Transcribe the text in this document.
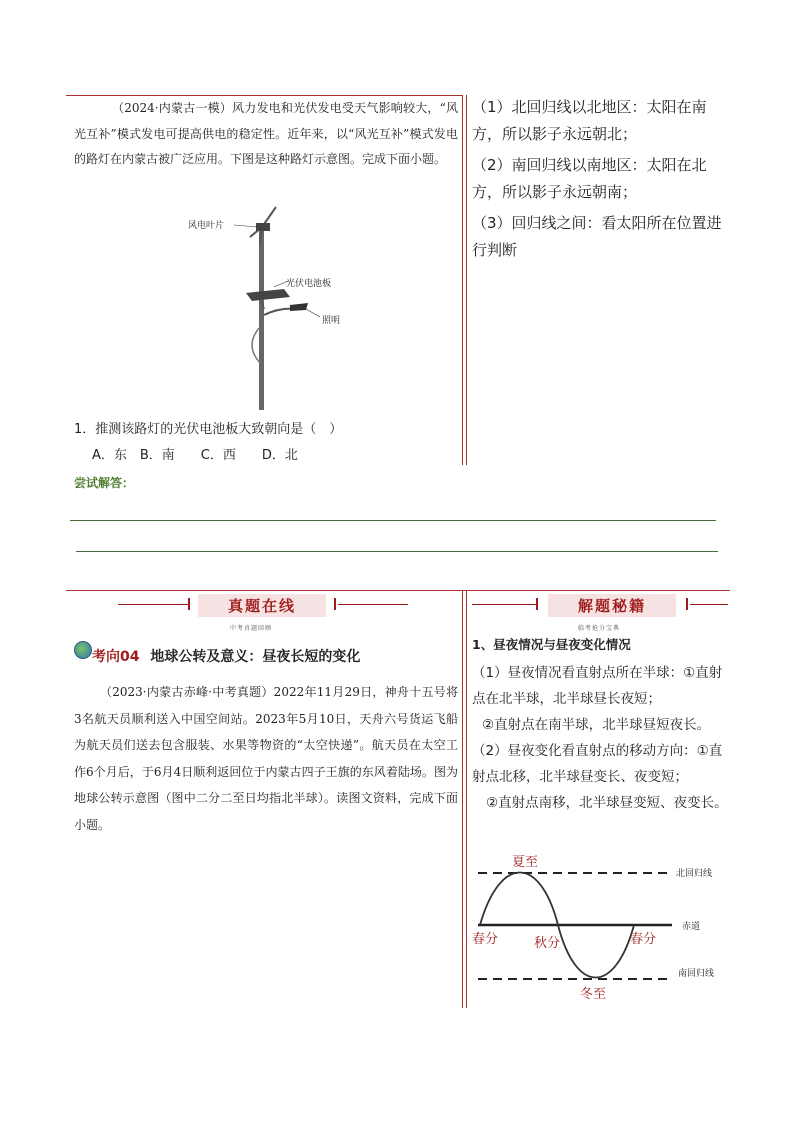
（2024·内蒙古一模）风力发电和光伏发电受天气影响较大，“风光互补”模式发电可提高供电的稳定性。近年来，以“风光互补”模式发电的路灯在内蒙古被广泛应用。下图是这种路灯示意图。完成下面小题。
风电叶片
光伏电池板
照明
1．推测该路灯的光伏电池板大致朝向是（　）
A．东　B．南　　C．西　　D．北
尝试解答：
（1）北回归线以北地区：太阳在南方，所以影子永远朝北；
（2）南回归线以南地区：太阳在北方，所以影子永远朝南；
（3）回归线之间：看太阳所在位置进行判断
真题在线
中考真题回顾
解题秘籍
临考抢分宝典
考向04 地球公转及意义：昼夜长短的变化
（2023·内蒙古赤峰·中考真题）2022年11月29日，神舟十五号将3名航天员顺利送入中国空间站。2023年5月10日，天舟六号货运飞船为航天员们送去包含服装、水果等物资的“太空快递”。航天员在太空工作6个月后，于6月4日顺利返回位于内蒙古四子王旗的东风着陆场。图为地球公转示意图（图中二分二至日均指北半球）。读图文资料，完成下面小题。
1、昼夜情况与昼夜变化情况
（1）昼夜情况看直射点所在半球：①直射点在北半球，北半球昼长夜短；
②直射点在南半球，北半球昼短夜长。
（2）昼夜变化看直射点的移动方向：①直射点北移，北半球昼变长、夜变短；
②直射点南移，北半球昼变短、夜变长。
夏至
冬至
春分	秋分	春分
北回归线
赤道
南回归线
